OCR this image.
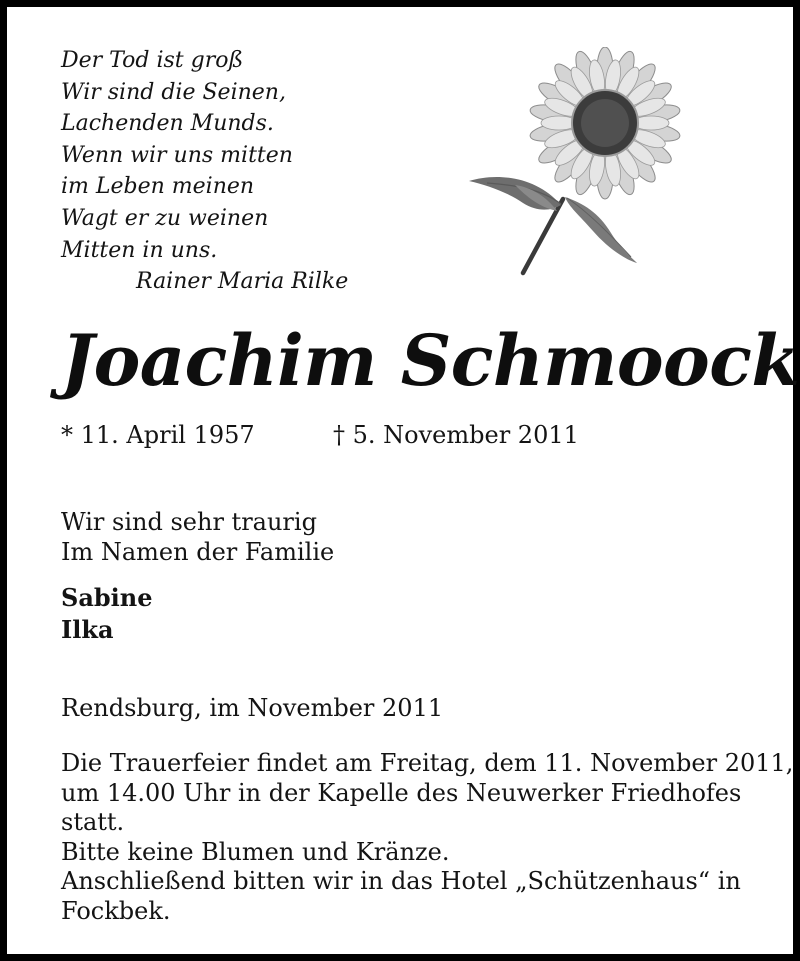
Der Tod ist groß
Wir sind die Seinen,
Lachenden Munds.
Wenn wir uns mitten
im Leben meinen
Wagt er zu weinen
Mitten in uns.
Rainer Maria Rilke
Joachim Schmoock
* 11. April 1957	† 5. November 2011
Wir sind sehr traurig
Im Namen der Familie
Sabine
Ilka
Rendsburg, im November 2011
Die Trauerfeier findet am Freitag, dem 11. November 2011,
um 14.00 Uhr in der Kapelle des Neuwerker Friedhofes
statt.
Bitte keine Blumen und Kränze.
Anschließend bitten wir in das Hotel „Schützenhaus“ in
Fockbek.
